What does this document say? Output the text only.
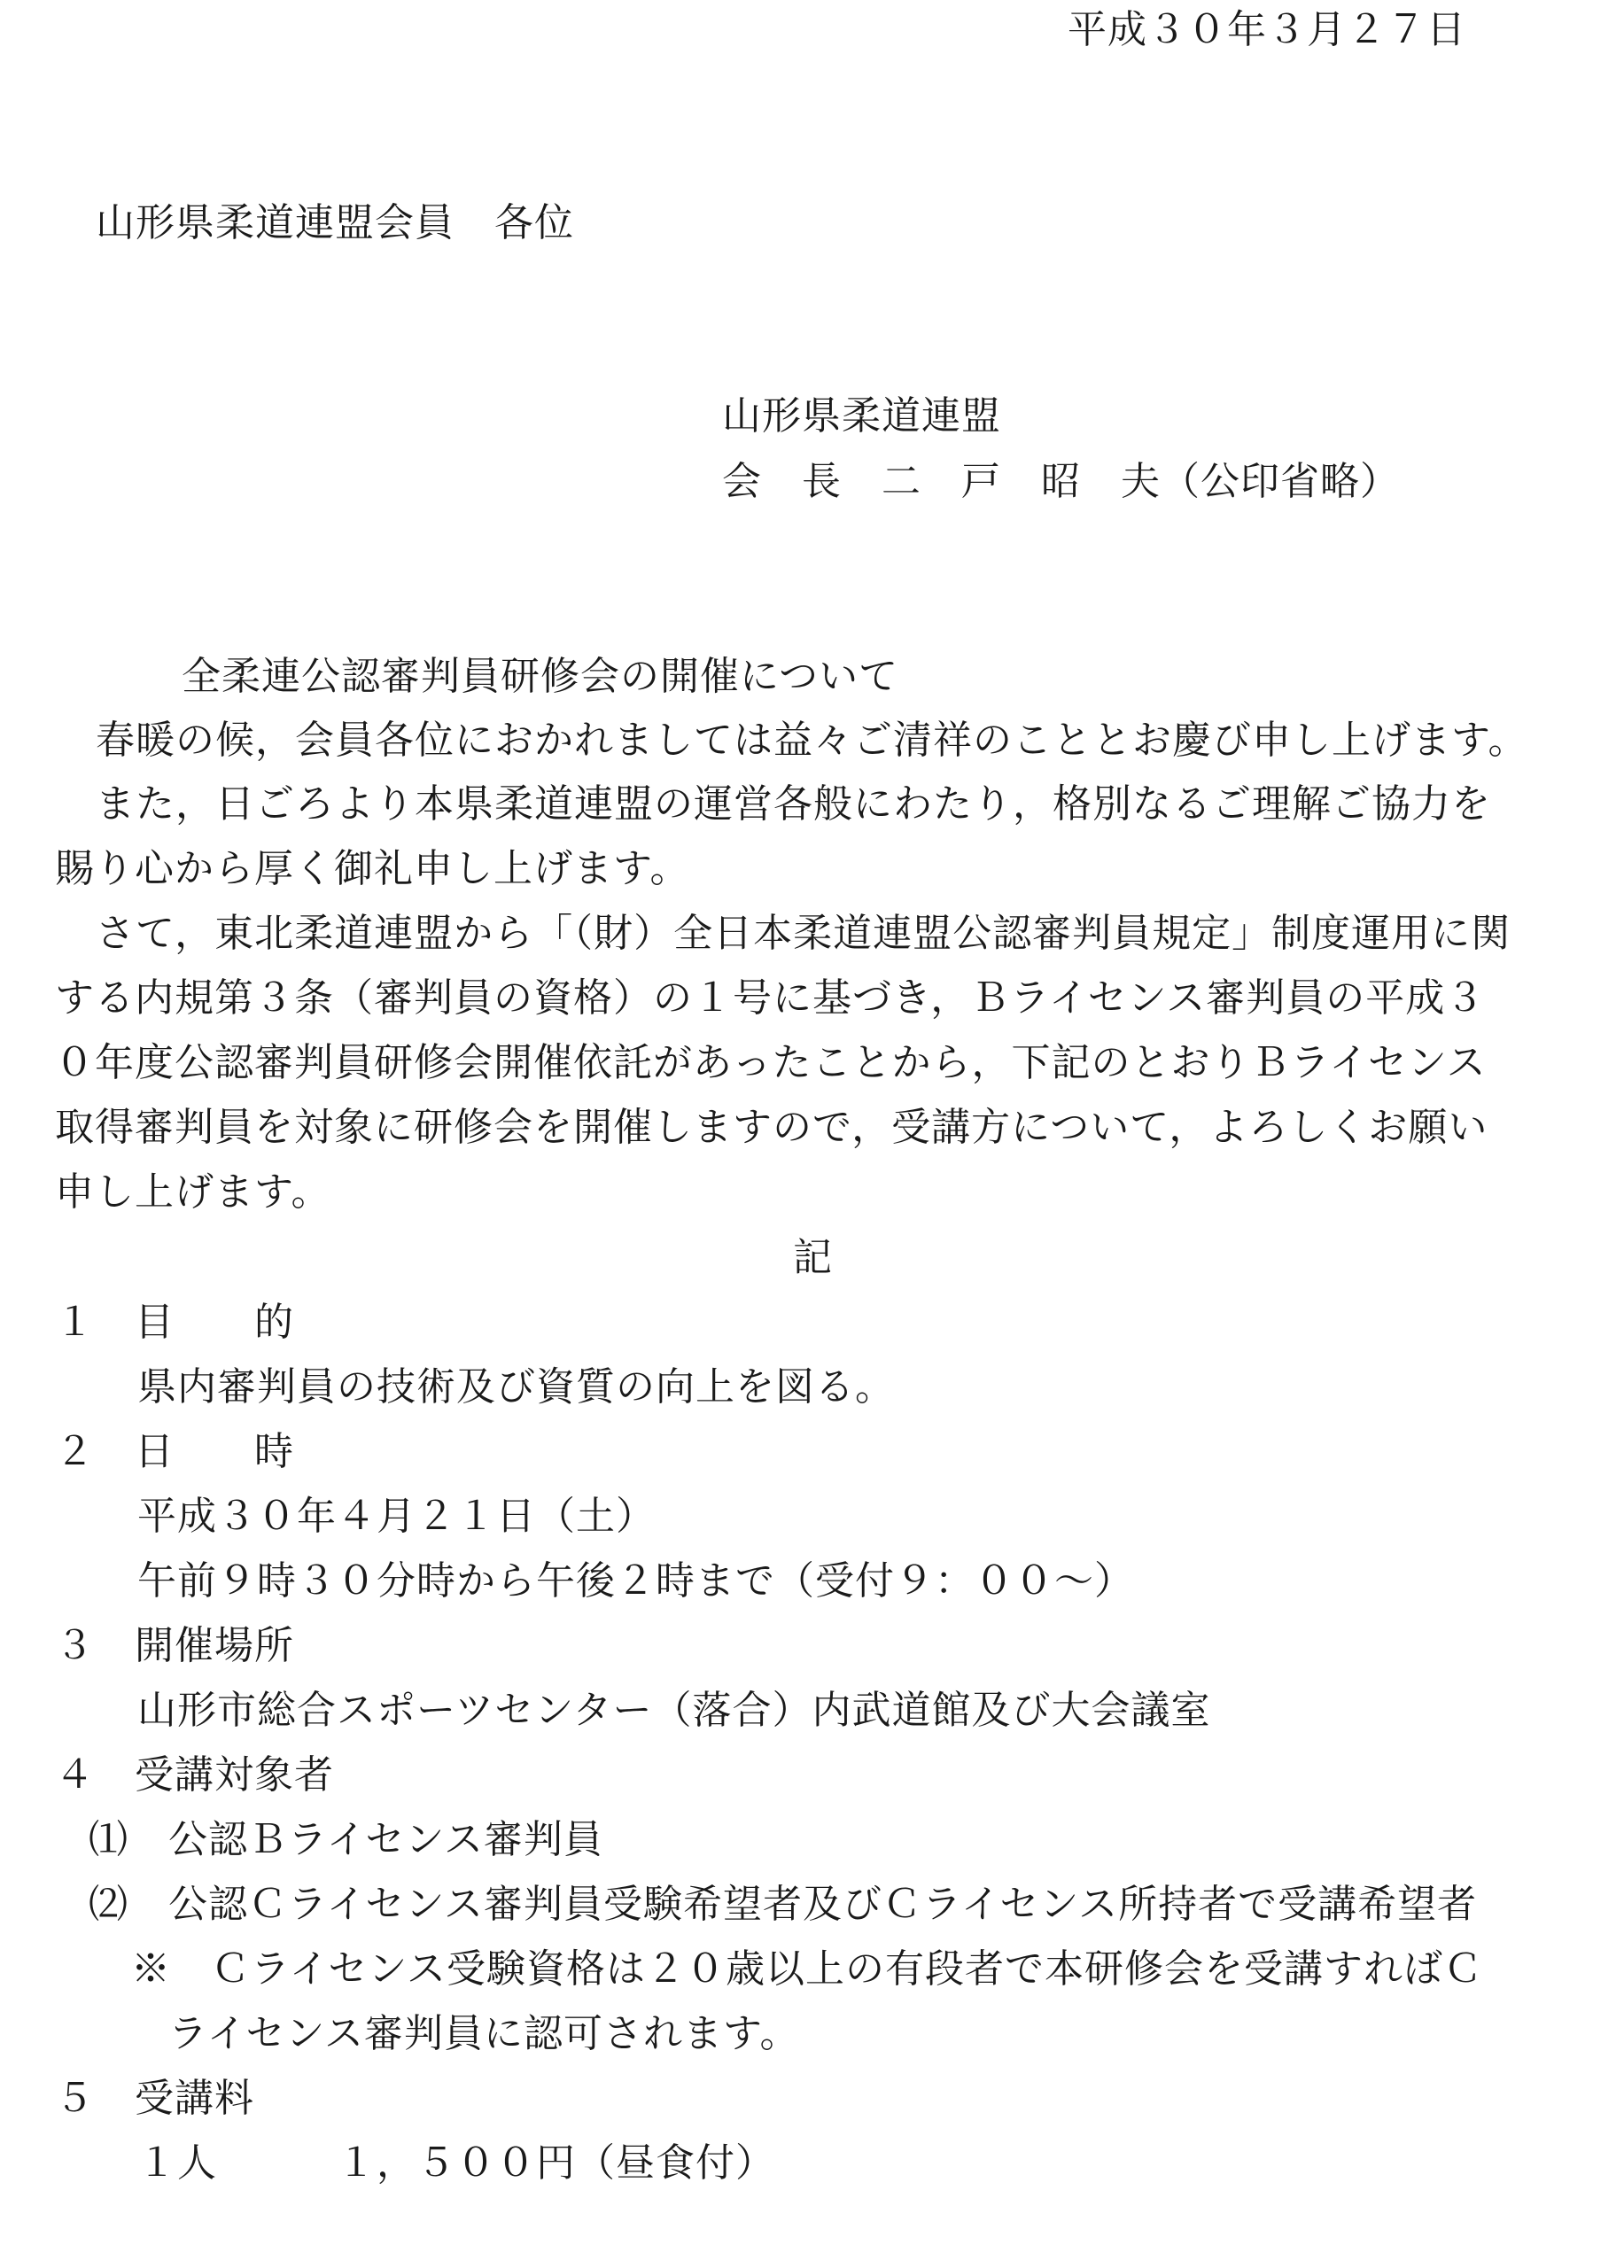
平成３０年３月２７日
山形県柔道連盟会員　各位
山形県柔道連盟
会　長　二　戸　昭　夫（公印省略）
全柔連公認審判員研修会の開催について
春暖の候，会員各位におかれましては益々ご清祥のこととお慶び申し上げます。
また，日ごろより本県柔道連盟の運営各般にわたり，格別なるご理解ご協力を
賜り心から厚く御礼申し上げます。
さて，東北柔道連盟から「（財）全日本柔道連盟公認審判員規定」制度運用に関
する内規第３条（審判員の資格）の１号に基づき，Ｂライセンス審判員の平成３
０年度公認審判員研修会開催依託があったことから，下記のとおりＢライセンス
取得審判員を対象に研修会を開催しますので，受講方について，よろしくお願い
申し上げます。
記
１　目　　的
県内審判員の技術及び資質の向上を図る。
２　日　　時
平成３０年４月２１日（土）
午前９時３０分時から午後２時まで（受付９：００～）
３　開催場所
山形市総合スポーツセンター（落合）内武道館及び大会議室
４　受講対象者
⑴　公認Ｂライセンス審判員
⑵　公認Ｃライセンス審判員受験希望者及びＣライセンス所持者で受講希望者
※　Ｃライセンス受験資格は２０歳以上の有段者で本研修会を受講すればＣ
ライセンス審判員に認可されます。
５　受講料
１人　　　１，５００円（昼食付）
